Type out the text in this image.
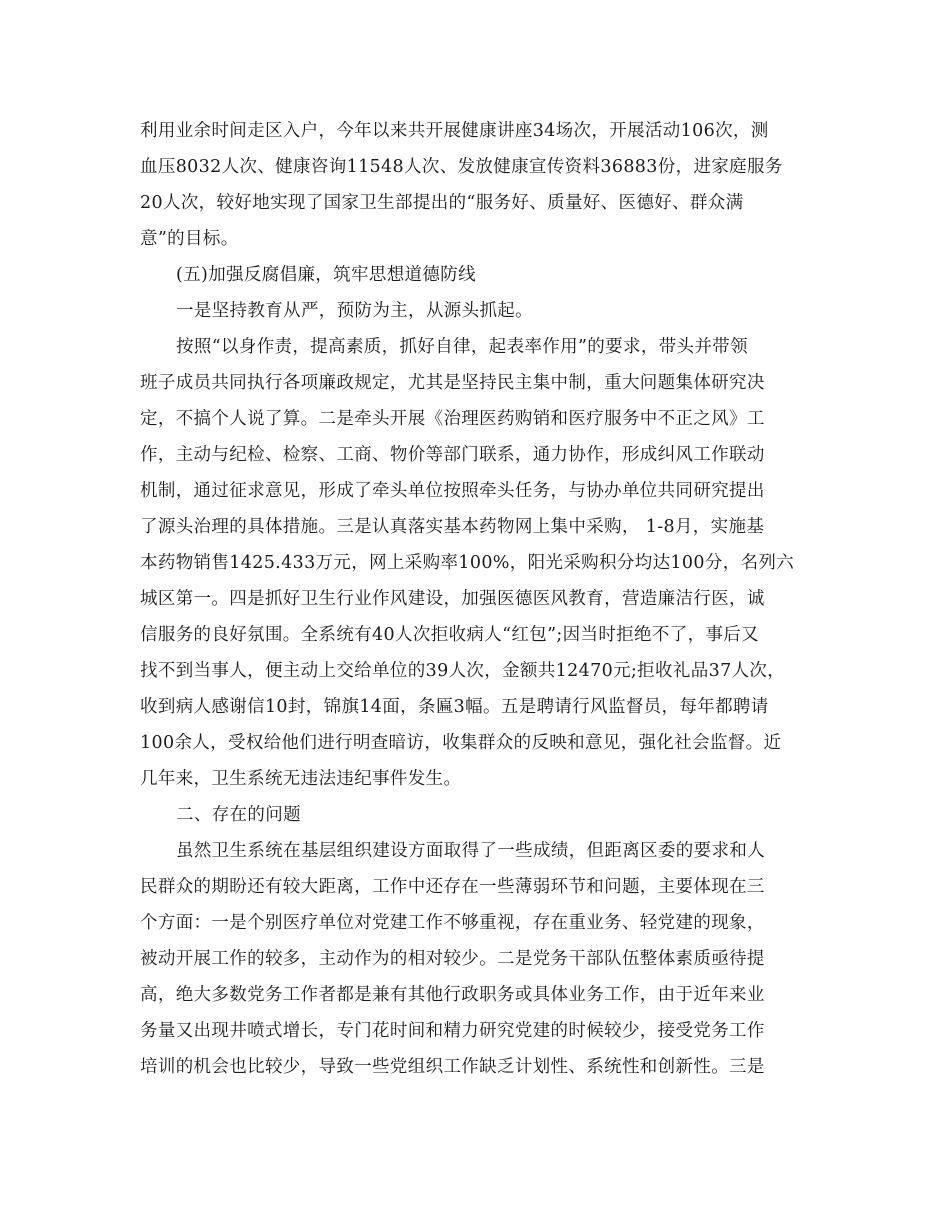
利用业余时间走区入户，今年以来共开展健康讲座34场次，开展活动106次，测
血压8032人次、健康咨询11548人次、发放健康宣传资料36883份，进家庭服务
20人次，较好地实现了国家卫生部提出的“服务好、质量好、医德好、群众满
意”的目标。
(五)加强反腐倡廉，筑牢思想道德防线
一是坚持教育从严，预防为主，从源头抓起。
按照“以身作责，提高素质，抓好自律，起表率作用”的要求，带头并带领
班子成员共同执行各项廉政规定，尤其是坚持民主集中制，重大问题集体研究决
定，不搞个人说了算。二是牵头开展《治理医药购销和医疗服务中不正之风》工
作，主动与纪检、检察、工商、物价等部门联系，通力协作，形成纠风工作联动
机制，通过征求意见，形成了牵头单位按照牵头任务，与协办单位共同研究提出
了源头治理的具体措施。三是认真落实基本药物网上集中采购， 1-8月，实施基
本药物销售1425.433万元，网上采购率100%，阳光采购积分均达100分，名列六
城区第一。四是抓好卫生行业作风建设，加强医德医风教育，营造廉洁行医，诚
信服务的良好氛围。全系统有40人次拒收病人“红包”;因当时拒绝不了，事后又
找不到当事人，便主动上交给单位的39人次，金额共12470元;拒收礼品37人次，
收到病人感谢信10封，锦旗14面，条匾3幅。五是聘请行风监督员，每年都聘请
100余人，受权给他们进行明查暗访，收集群众的反映和意见，强化社会监督。近
几年来，卫生系统无违法违纪事件发生。
二、存在的问题
虽然卫生系统在基层组织建设方面取得了一些成绩，但距离区委的要求和人
民群众的期盼还有较大距离，工作中还存在一些薄弱环节和问题，主要体现在三
个方面：一是个别医疗单位对党建工作不够重视，存在重业务、轻党建的现象，
被动开展工作的较多，主动作为的相对较少。二是党务干部队伍整体素质亟待提
高，绝大多数党务工作者都是兼有其他行政职务或具体业务工作，由于近年来业
务量又出现井喷式增长，专门花时间和精力研究党建的时候较少，接受党务工作
培训的机会也比较少，导致一些党组织工作缺乏计划性、系统性和创新性。三是
